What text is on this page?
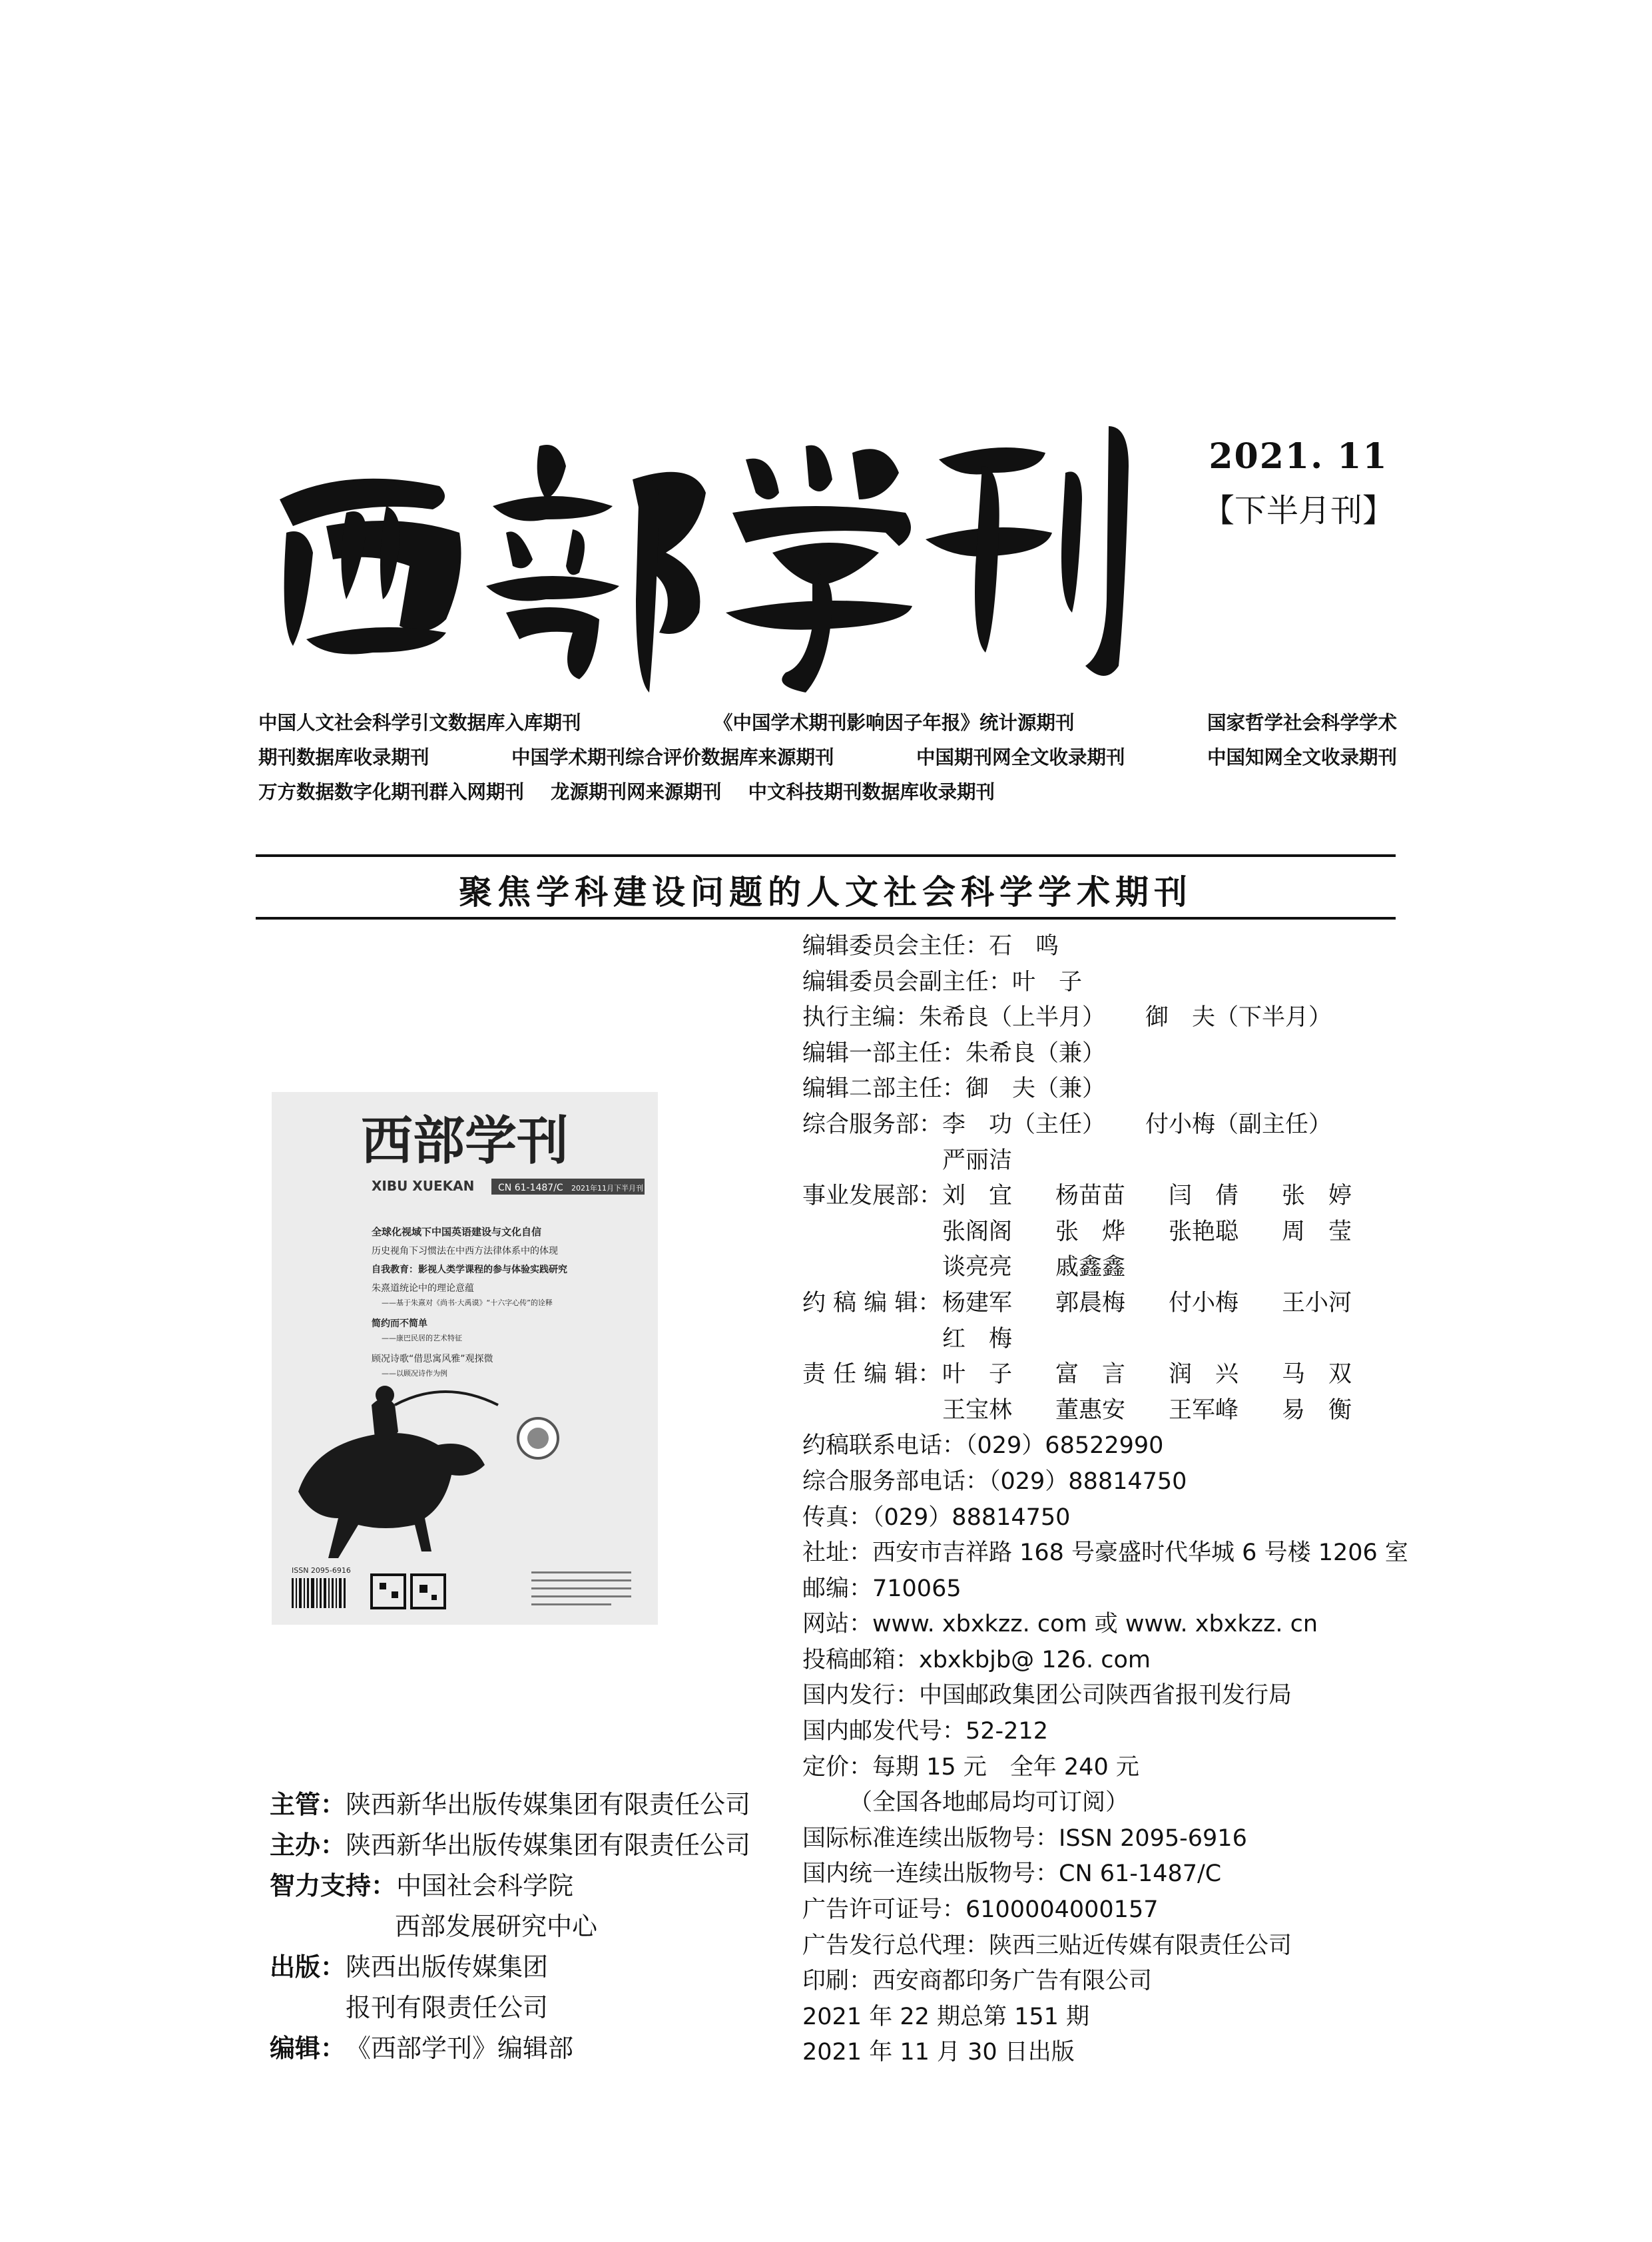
2021. 11
【下半月刊】
中国人文社会科学引文数据库入库期刊	《中国学术期刊影响因子年报》统计源期刊	国家哲学社会科学学术
期刊数据库收录期刊	中国学术期刊综合评价数据库来源期刊	中国期刊网全文收录期刊	中国知网全文收录期刊
万方数据数字化期刊群入网期刊 龙源期刊网来源期刊 中文科技期刊数据库收录期刊
聚焦学科建设问题的人文社会科学学术期刊
西部学刊
XIBU XUEKAN	CN 61-1487/C 2021年11月下半月刊
全球化视域下中国英语建设与文化自信
历史视角下习惯法在中西方法律体系中的体现
自我教育：影视人类学课程的参与体验实践研究
朱熹道统论中的理论意蕴
——基于朱熹对《尚书·大禹谟》“十六字心传”的诠释
简约而不简单
——康巴民居的艺术特征
顾况诗歌“借思寓风雅”观探微
——以顾况诗作为例
ISSN 2095-6916
主管： 陕西新华出版传媒集团有限责任公司
主办： 陕西新华出版传媒集团有限责任公司
智力支持： 中国社会科学院
西部发展研究中心
出版： 陕西出版传媒集团
报刊有限责任公司
编辑： 《西部学刊》编辑部
编辑委员会主任：石　鸣
编辑委员会副主任：叶　子
执行主编：朱希良（上半月） 御　夫（下半月）
编辑一部主任：朱希良（兼）
编辑二部主任：御　夫（兼）
综合服务部：李　功（主任） 付小梅（副主任）
严丽洁
事业发展部：刘　宜 杨苗苗 闫　倩 张　婷
张阁阁 张　烨 张艳聪 周　莹
谈亮亮 戚鑫鑫
约 稿 编 辑：杨建军 郭晨梅 付小梅 王小河
红　梅
责 任 编 辑：叶　子 富　言 润　兴 马　双
王宝林 董惠安 王军峰 易　衡
约稿联系电话：（029）68522990
综合服务部电话：（029）88814750
传真：（029）88814750
社址：西安市吉祥路 168 号豪盛时代华城 6 号楼 1206 室
邮编：710065
网站：www. xbxkzz. com 或 www. xbxkzz. cn
投稿邮箱：xbxkbjb@ 126. com
国内发行：中国邮政集团公司陕西省报刊发行局
国内邮发代号：52-212
定价：每期 15 元　全年 240 元
（全国各地邮局均可订阅）
国际标准连续出版物号：ISSN 2095-6916
国内统一连续出版物号：CN 61-1487/C
广告许可证号：6100004000157
广告发行总代理：陕西三贴近传媒有限责任公司
印刷：西安商都印务广告有限公司
2021 年 22 期总第 151 期
2021 年 11 月 30 日出版
